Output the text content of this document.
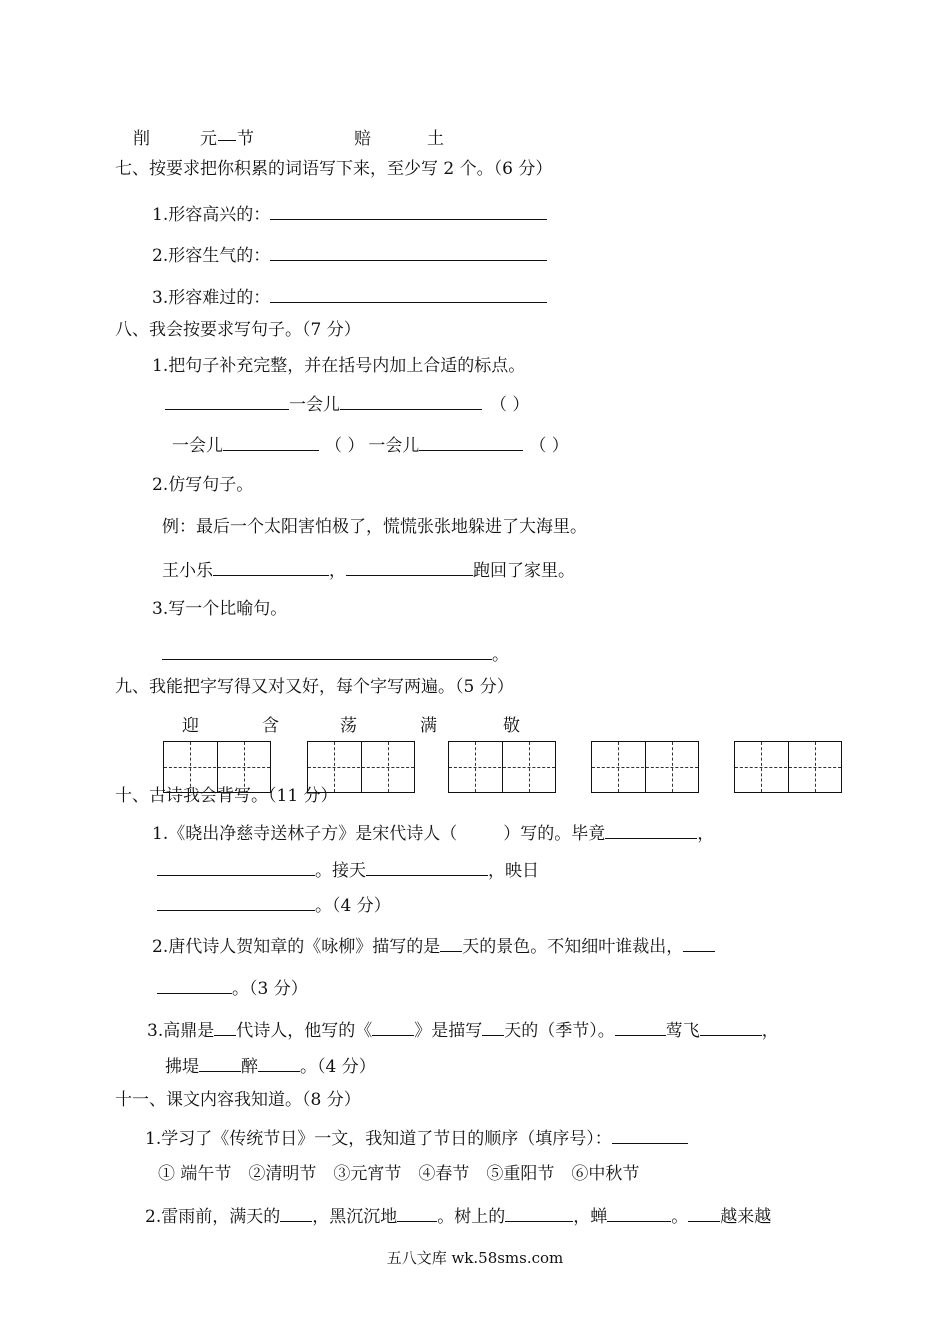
削	元 节	赔	土
七、按要求把你积累的词语写下来，至少写 2 个。（6 分）
1.形容高兴的：
2.形容生气的：
3.形容难过的：
八、我会按要求写句子。（7 分）
1.把句子补充完整，并在括号内加上合适的标点。
一会儿	（ ）
一会儿	（ ） 一会儿	（ ）
2.仿写句子。
例：最后一个太阳害怕极了，慌慌张张地躲进了大海里。
王小乐	，	跑回了家里。
3.写一个比喻句。
。
九、我能把字写得又对又好，每个字写两遍。（5 分）
迎	含	荡	满	敬
十、古诗我会背写。（11 分）
1.《晓出净慈寺送林子方》是宋代诗人（	）写的。毕竟	，
。接天	，映日
。（4 分）
2.唐代诗人贺知章的《咏柳》描写的是 天的景色。不知细叶谁裁出，
。（3 分）
3.高鼎是 代诗人，他写的《 》是描写 天的（季节）。	莺飞	，
拂堤 醉 。（4 分）
十一、课文内容我知道。（8 分）
1.学习了《传统节日》一文，我知道了节日的顺序（填序号）：
① 端午节 ②清明节 ③元宵节 ④春节 ⑤重阳节 ⑥中秋节
2.雷雨前，满天的 ，黑沉沉地 。树上的	，蝉	。 越来越
五八文库 wk.58sms.com
